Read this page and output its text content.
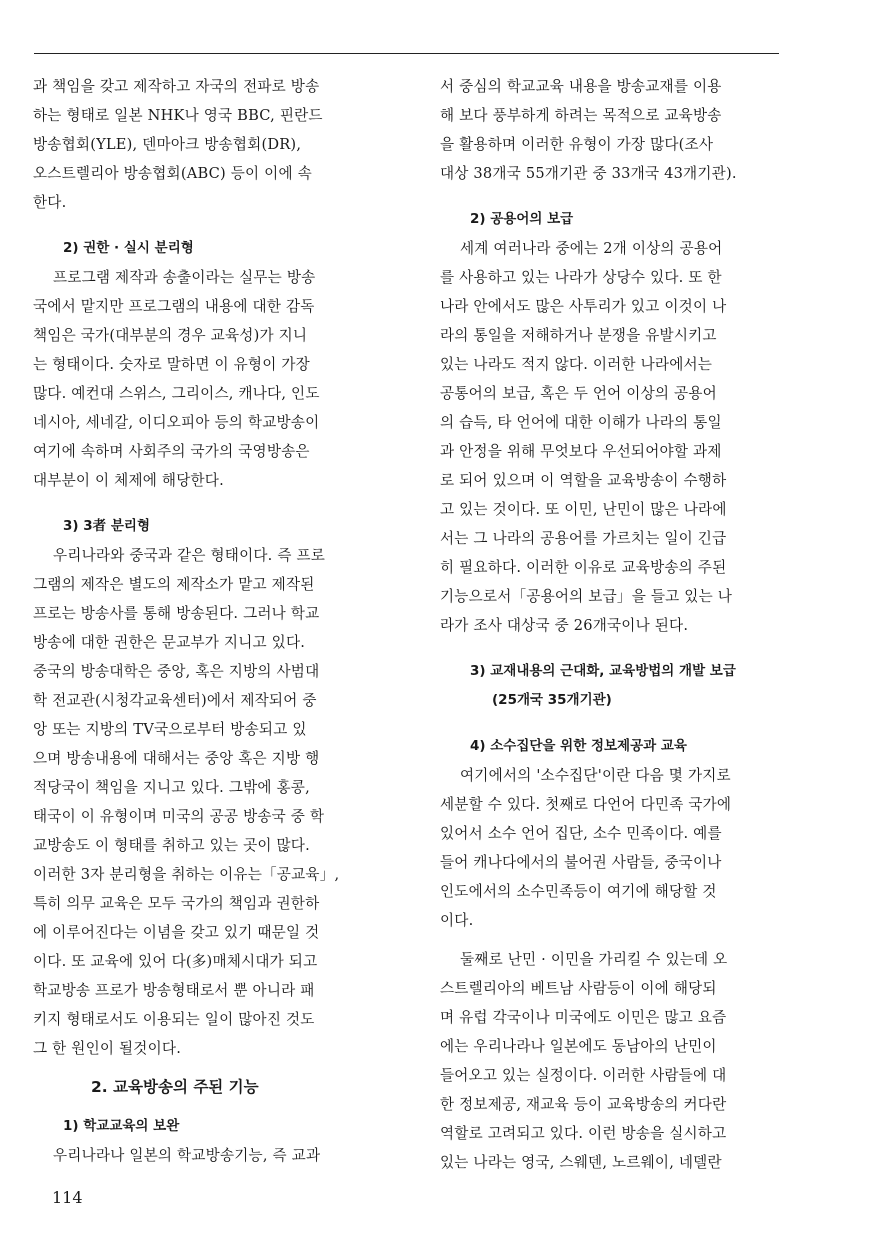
과 책임을 갖고 제작하고 자국의 전파로 방송
하는 형태로 일본 NHK나 영국 BBC, 핀란드
방송협회(YLE), 덴마아크 방송협회(DR),
오스트렐리아 방송협회(ABC) 등이 이에 속
한다.
2) 권한 · 실시 분리형
프로그램 제작과 송출이라는 실무는 방송
국에서 맡지만 프로그램의 내용에 대한 감독
책임은 국가(대부분의 경우 교육성)가 지니
는 형태이다. 숫자로 말하면 이 유형이 가장
많다. 예컨대 스위스, 그리이스, 캐나다, 인도
네시아, 세네갈, 이디오피아 등의 학교방송이
여기에 속하며 사회주의 국가의 국영방송은
대부분이 이 체제에 해당한다.
3) 3者 분리형
우리나라와 중국과 같은 형태이다. 즉 프로
그램의 제작은 별도의 제작소가 맡고 제작된
프로는 방송사를 통해 방송된다. 그러나 학교
방송에 대한 권한은 문교부가 지니고 있다.
중국의 방송대학은 중앙, 혹은 지방의 사범대
학 전교관(시청각교육센터)에서 제작되어 중
앙 또는 지방의 TV국으로부터 방송되고 있
으며 방송내용에 대해서는 중앙 혹은 지방 행
적당국이 책임을 지니고 있다. 그밖에 홍콩,
태국이 이 유형이며 미국의 공공 방송국 중 학
교방송도 이 형태를 취하고 있는 곳이 많다.
이러한 3자 분리형을 취하는 이유는「공교육」,
특히 의무 교육은 모두 국가의 책임과 권한하
에 이루어진다는 이념을 갖고 있기 때문일 것
이다. 또 교육에 있어 다(多)매체시대가 되고
학교방송 프로가 방송형태로서 뿐 아니라 패
키지 형태로서도 이용되는 일이 많아진 것도
그 한 원인이 될것이다.
2. 교육방송의 주된 기능
1) 학교교육의 보완
우리나라나 일본의 학교방송기능, 즉 교과
서 중심의 학교교육 내용을 방송교재를 이용
해 보다 풍부하게 하려는 목적으로 교육방송
을 활용하며 이러한 유형이 가장 많다(조사
대상 38개국 55개기관 중 33개국 43개기관).
2) 공용어의 보급
세계 여러나라 중에는 2개 이상의 공용어
를 사용하고 있는 나라가 상당수 있다. 또 한
나라 안에서도 많은 사투리가 있고 이것이 나
라의 통일을 저해하거나 분쟁을 유발시키고
있는 나라도 적지 않다. 이러한 나라에서는
공통어의 보급, 혹은 두 언어 이상의 공용어
의 습득, 타 언어에 대한 이해가 나라의 통일
과 안정을 위해 무엇보다 우선되어야할 과제
로 되어 있으며 이 역할을 교육방송이 수행하
고 있는 것이다. 또 이민, 난민이 많은 나라에
서는 그 나라의 공용어를 가르치는 일이 긴급
히 필요하다. 이러한 이유로 교육방송의 주된
기능으로서「공용어의 보급」을 들고 있는 나
라가 조사 대상국 중 26개국이나 된다.
3) 교재내용의 근대화, 교육방법의 개발 보급
(25개국 35개기관)
4) 소수집단을 위한 정보제공과 교육
여기에서의 '소수집단'이란 다음 몇 가지로
세분할 수 있다. 첫째로 다언어 다민족 국가에
있어서 소수 언어 집단, 소수 민족이다. 예를
들어 캐나다에서의 불어권 사람들, 중국이나
인도에서의 소수민족등이 여기에 해당할 것
이다.
둘째로 난민 · 이민을 가리킬 수 있는데 오
스트렐리아의 베트남 사람등이 이에 해당되
며 유럽 각국이나 미국에도 이민은 많고 요즘
에는 우리나라나 일본에도 동남아의 난민이
들어오고 있는 실정이다. 이러한 사람들에 대
한 정보제공, 재교육 등이 교육방송의 커다란
역할로 고려되고 있다. 이런 방송을 실시하고
있는 나라는 영국, 스웨덴, 노르웨이, 네델란
114
